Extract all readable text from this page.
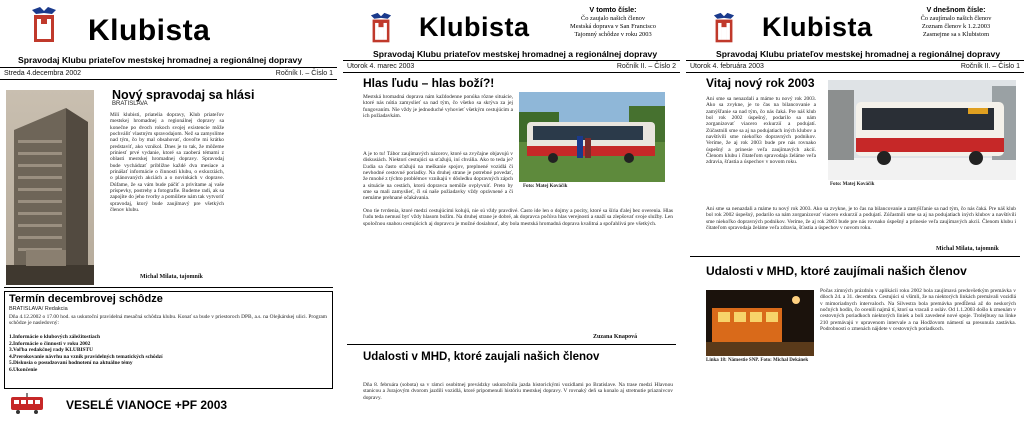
Klubista
Spravodaj Klubu priateľov mestskej hromadnej a regionálnej dopravy
Streda 4.decembra 2002	Ročník I. – Číslo 1
Nový spravodaj sa hlási
BRATISLAVA
Milí klubisti, priatelia dopravy, Klub priateľov mestskej hromadnej a regionálnej dopravy sa konečne po dvoch rokoch svojej existencie môže pochváliť vlastným spravodajom. Než sa zamyslíme nad tým, čo by mal obsahovať, dovoľte mi krátko predstaviť, ako vznikol. Dnes je to tak, že môžeme priniesť prvé vydanie, ktoré sa zaoberá témami z oblasti mestskej hromadnej dopravy. Spravodaj bude vychádzať približne každé dva mesiace a prinášať informácie o činnosti klubu, o exkurziách, o plánovaných akciách a o novinkách v doprave. Dúfame, že sa vám bude páčiť a privítame aj vaše príspevky, postrehy a fotografie. Budeme radi, ak sa zapojíte do jeho tvorby a pomôžete nám tak vytvoriť spravodaj, ktorý bude zaujímavý pre všetkých členov klubu.
Michal Milata, tajomník
Termín decembrovej schôdze
BRATISLAVA/ Redakcia
Dňa 4.12.2002 o 17.00 hod. sa uskutoční pravidelná mesačná schôdza klubu. Konať sa bude v priestoroch DPB, a.s. na Olejkárskej ulici. Program schôdze je nasledovný:
1.Informácie o klubových záležitostiach
2.Informácie o činnosti v roku 2002
3.Voľba redakčnej rady KLUBISTU
4.Prerokovanie návrhu na vznik pravidelných tematických schôdzí
5.Diskusia o posudzovaní hodnotení na aktuálne témy
6.Ukončenie
VESELÉ VIANOCE +PF 2003
Klubista
V tomto čísle:
Čo zaujalo našich členov
Mestská doprava v San Francisco
Tajomný schôdze v roku 2003
Spravodaj Klubu priateľov mestskej hromadnej a regionálnej dopravy
Utorok 4. marec 2003	Ročník II. – Číslo 2
Hlas ľudu – hlas boží?!
Mestská hromadná doprava nám každodenne ponúka rôzne situácie, ktoré nás nútia zamyslieť sa nad tým, čo všetko sa skrýva za jej fungovaním. Nie vždy je jednoduché vyhovieť všetkým cestujúcim a ich požiadavkám.
A je to tu! Tábor zaujímavých názorov, ktoré sa zvyčajne objavujú v diskusiách. Niektorí cestujúci sa sťažujú, iní chvália. Ako to teda je? Ľudia sa často sťažujú na meškanie spojov, preplnené vozidlá či nevhodné cestovné poriadky. Na druhej strane je potrebné povedať, že mnohé z týchto problémov vznikajú v dôsledku dopravných zápch a situácie na cestách, ktorú dopravca nemôže ovplyvniť. Preto by sme sa mali zamyslieť, či sú naše požiadavky vždy oprávnené a či nemáme prehnané očakávania.
Ono tie tvrdenia, ktoré medzi cestujúcimi kolujú, nie sú vždy pravdivé. Často ide len o dojmy a pocity, ktoré sa šíria ďalej bez overenia. Hlas ľudu teda nemusí byť vždy hlasom božím. Na druhej strane je dobré, ak dopravca počúva hlas verejnosti a snaží sa zlepšovať svoje služby. Len spoločnou snahou cestujúcich aj dopravcu je možné dosiahnuť, aby bola mestská hromadná doprava kvalitná a spoľahlivá pre všetkých.
Foto: Matej Kováčik
Zuzana Knapová
Udalosti v MHD, ktoré zaujali našich členov
Dňa 8. februára (sobota) sa v rámci osobitnej prevádzky uskutočnila jazda historickými vozidlami po Bratislave. Na trase medzi Hlavnou stanicou a Jurajovým dvorom jazdili vozidlá, ktoré pripomenuli históriu mestskej dopravy. V rovnaký deň sa konalo aj stretnutie priaznivcov dopravy.
Klubista
V dnešnom čísle:
Čo zaujímalo našich členov
Zoznam členov k 1.2.2003
Zasmejme sa s Klubistom
Spravodaj Klubu priateľov mestskej hromadnej a regionálnej dopravy
Utorok 4. februára 2003	Ročník II. – Číslo 1
Vitaj nový rok 2003
Ani sme sa nenazdali a máme tu nový rok 2003. Ako sa zvykne, je to čas na bilancovanie a zamýšľanie sa nad tým, čo nás čaká. Pre náš klub bol rok 2002 úspešný, podarilo sa nám zorganizovať viacero exkurzií a podujatí. Zúčastnili sme sa aj na podujatiach iných klubov a navštívili sme niekoľko dopravných podnikov. Veríme, že aj rok 2003 bude pre nás rovnako úspešný a prinesie veľa zaujímavých akcií. Členom klubu i čitateľom spravodaja želáme veľa zdravia, šťastia a úspechov v novom roku.
Foto: Matej Kováčik
Ani sme sa nenazdali a máme tu nový rok 2003. Ako sa zvykne, je to čas na bilancovanie a zamýšľanie sa nad tým, čo nás čaká. Pre náš klub bol rok 2002 úspešný, podarilo sa nám zorganizovať viacero exkurzií a podujatí. Zúčastnili sme sa aj na podujatiach iných klubov a navštívili sme niekoľko dopravných podnikov. Veríme, že aj rok 2003 bude pre nás rovnako úspešný a prinesie veľa zaujímavých akcií. Členom klubu i čitateľom spravodaja želáme veľa zdravia, šťastia a úspechov v novom roku.
Michal Milata, tajomník
Udalosti v MHD, ktoré zaujímali našich členov
Linka 18: Námestie SNP. Foto: Michal Dekánek
Počas zimných prázdnin v aplikácii roku 2002 bola zaujímavá predovšetkým premávka v dňoch 24. a 31. decembra. Cestujúci si všimli, že na niektorých linkách premávali vozidlá v mimoriadnych intervaloch. Na Silvestra bola premávka predĺžená až do neskorých nočných hodín, čo ocenili najmä tí, ktorí sa vracali z osláv. Od 1.1.2003 došlo k zmenám v cestovných poriadkoch niektorých liniek a boli zavedené nové spoje. Trolejbusy na linke 210 premávajú v upravenom intervale a na Hodžovom námestí sa presunula zastávka. Podrobnosti o zmenách nájdete v cestovných poriadkoch.
